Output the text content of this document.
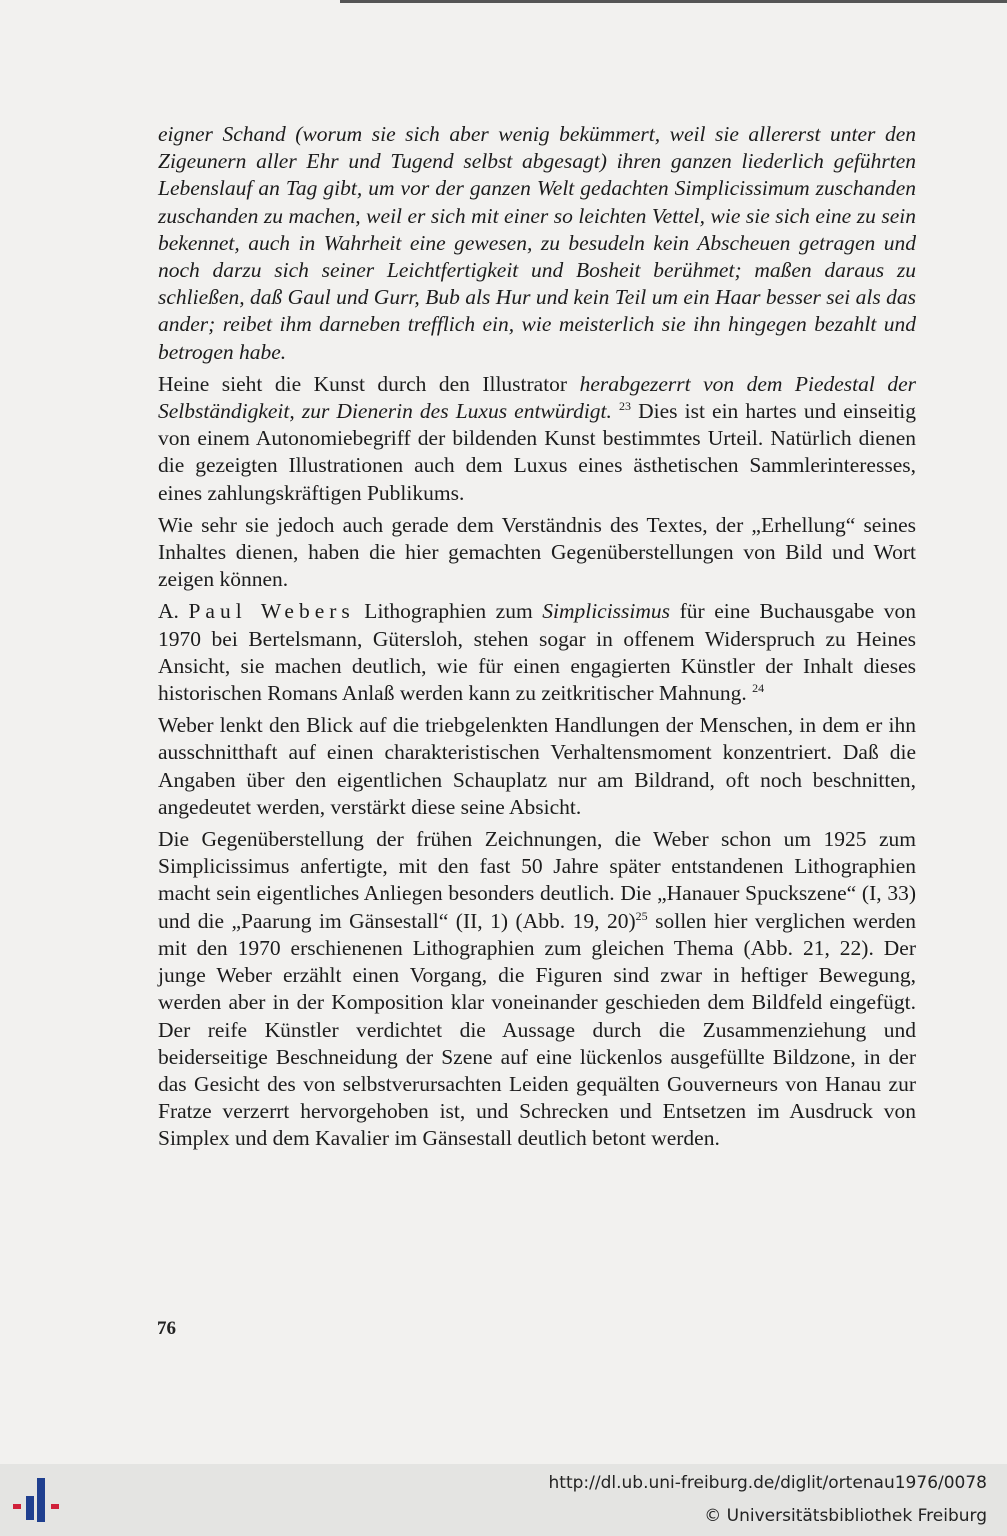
eigner Schand (worum sie sich aber wenig bekümmert, weil sie allererst unter den Zigeunern aller Ehr und Tugend selbst abgesagt) ihren ganzen liederlich geführten Lebenslauf an Tag gibt, um vor der ganzen Welt gedachten Simplicissimum zuschanden zuschanden zu machen, weil er sich mit einer so leichten Vettel, wie sie sich eine zu sein bekennet, auch in Wahrheit eine gewesen, zu besudeln kein Abscheuen getragen und noch darzu sich seiner Leichtfertigkeit und Bosheit berühmet; maßen daraus zu schließen, daß Gaul und Gurr, Bub als Hur und kein Teil um ein Haar besser sei als das ander; reibet ihm darneben trefflich ein, wie meisterlich sie ihn hingegen bezahlt und betrogen habe.

Heine sieht die Kunst durch den Illustrator herabgezerrt von dem Piedestal der Selbständigkeit, zur Dienerin des Luxus entwürdigt. $^{23}$ Dies ist ein hartes und einseitig von einem Autonomiebegriff der bildenden Kunst bestimmtes Urteil. Natürlich dienen die gezeigten Illustrationen auch dem Luxus eines ästhetischen Sammlerinteresses, eines zahlungskräftigen Publikums.

Wie sehr sie jedoch auch gerade dem Verständnis des Textes, der „Erhellung“ seines Inhaltes dienen, haben die hier gemachten Gegenüberstellungen von Bild und Wort zeigen können.

A. Paul Webers Lithographien zum Simplicissimus für eine Buchausgabe von 1970 bei Bertelsmann, Gütersloh, stehen sogar in offenem Widerspruch zu Heines Ansicht, sie machen deutlich, wie für einen engagierten Künstler der Inhalt dieses historischen Romans Anlaß werden kann zu zeitkritischer Mahnung. $^{24}$

Weber lenkt den Blick auf die triebgelenkten Handlungen der Menschen, in dem er ihn ausschnitthaft auf einen charakteristischen Verhaltensmoment konzentriert. Daß die Angaben über den eigentlichen Schauplatz nur am Bildrand, oft noch beschnitten, angedeutet werden, verstärkt diese seine Absicht.

Die Gegenüberstellung der frühen Zeichnungen, die Weber schon um 1925 zum Simplicissimus anfertigte, mit den fast 50 Jahre später entstandenen Lithographien macht sein eigentliches Anliegen besonders deutlich. Die „Hanauer Spuckszene“ (I, 33) und die „Paarung im Gänsestall“ (II, 1) (Abb. 19, 20)$^{25}$ sollen hier verglichen werden mit den 1970 erschienenen Lithographien zum gleichen Thema (Abb. 21, 22). Der junge Weber erzählt einen Vorgang, die Figuren sind zwar in heftiger Bewegung, werden aber in der Komposition klar voneinander geschieden dem Bildfeld eingefügt. Der reife Künstler verdichtet die Aussage durch die Zusammenziehung und beiderseitige Beschneidung der Szene auf eine lückenlos ausgefüllte Bildzone, in der das Gesicht des von selbstverursachten Leiden gequälten Gouverneurs von Hanau zur Fratze verzerrt hervorgehoben ist, und Schrecken und Entsetzen im Ausdruck von Simplex und dem Kavalier im Gänsestall deutlich betont werden.

76
http://dl.ub.uni-freiburg.de/diglit/ortenau1976/0078
© Universitätsbibliothek Freiburg
